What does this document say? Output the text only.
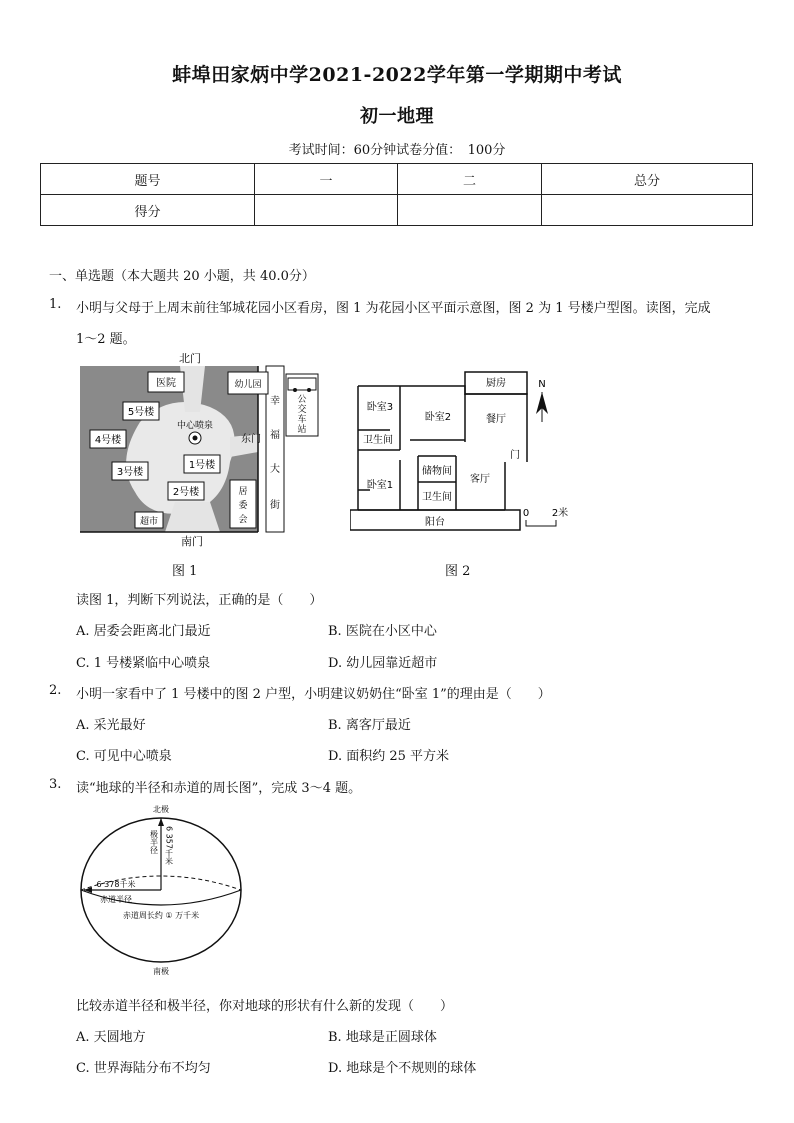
蚌埠田家炳中学2021-2022学年第一学期期中考试
初一地理
考试时间：60分钟试卷分值：　100分
题号	一	二	总分
得分			
一、单选题（本大题共 20 小题，共 40.0分）
1. 小明与父母于上周末前往邹城花园小区看房，图 1 为花园小区平面示意图，图 2 为 1 号楼户型图。读图，完成
1～2 题。
北门
南门
医院	幼儿园
5号楼
4号楼
3号楼
1号楼
2号楼
超市
居
委
会
中心喷泉
东门
幸
福
大
街
公
交
车
站
图 1
厨房
卧室3
卧室2	餐厅
卫生间
卧室1
储物间
客厅
卫生间
阳台
门
N
0 2米
图 2
读图 1，判断下列说法，正确的是（　　）
A. 居委会距离北门最近	B. 医院在小区中心
C. 1 号楼紧临中心喷泉	D. 幼儿园靠近超市
2. 小明一家看中了 1 号楼中的图 2 户型，小明建议奶奶住“卧室 1”的理由是（　　）
A. 采光最好	B. 离客厅最近
C. 可见中心喷泉	D. 面积约 25 平方米
3. 读“地球的半径和赤道的周长图”，完成 3～4 题。
北极
南极
极半径 6 357千米
6 378千米
赤道半径
赤道周长约 ① 万千米
比较赤道半径和极半径，你对地球的形状有什么新的发现（　　）
A. 天圆地方	B. 地球是正圆球体
C. 世界海陆分布不均匀	D. 地球是个不规则的球体
